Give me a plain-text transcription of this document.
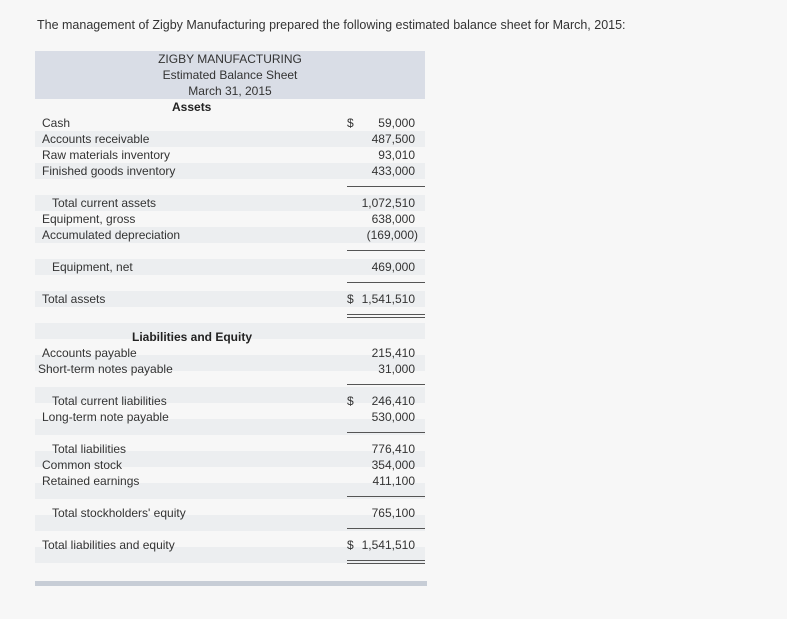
The management of Zigby Manufacturing prepared the following estimated balance sheet for March, 2015:
ZIGBY MANUFACTURING
Estimated Balance Sheet
March 31, 2015
Assets
Cash	$ 59,000
Accounts receivable	487,500
Raw materials inventory	93,010
Finished goods inventory	433,000
Total current assets	1,072,510
Equipment, gross	638,000
Accumulated depreciation	(169,000)
Equipment, net	469,000
Total assets	$ 1,541,510
Liabilities and Equity
Accounts payable	215,410
Short-term notes payable	31,000
Total current liabilities	$ 246,410
Long-term note payable	530,000
Total liabilities	776,410
Common stock	354,000
Retained earnings	411,100
Total stockholders' equity	765,100
Total liabilities and equity	$ 1,541,510
